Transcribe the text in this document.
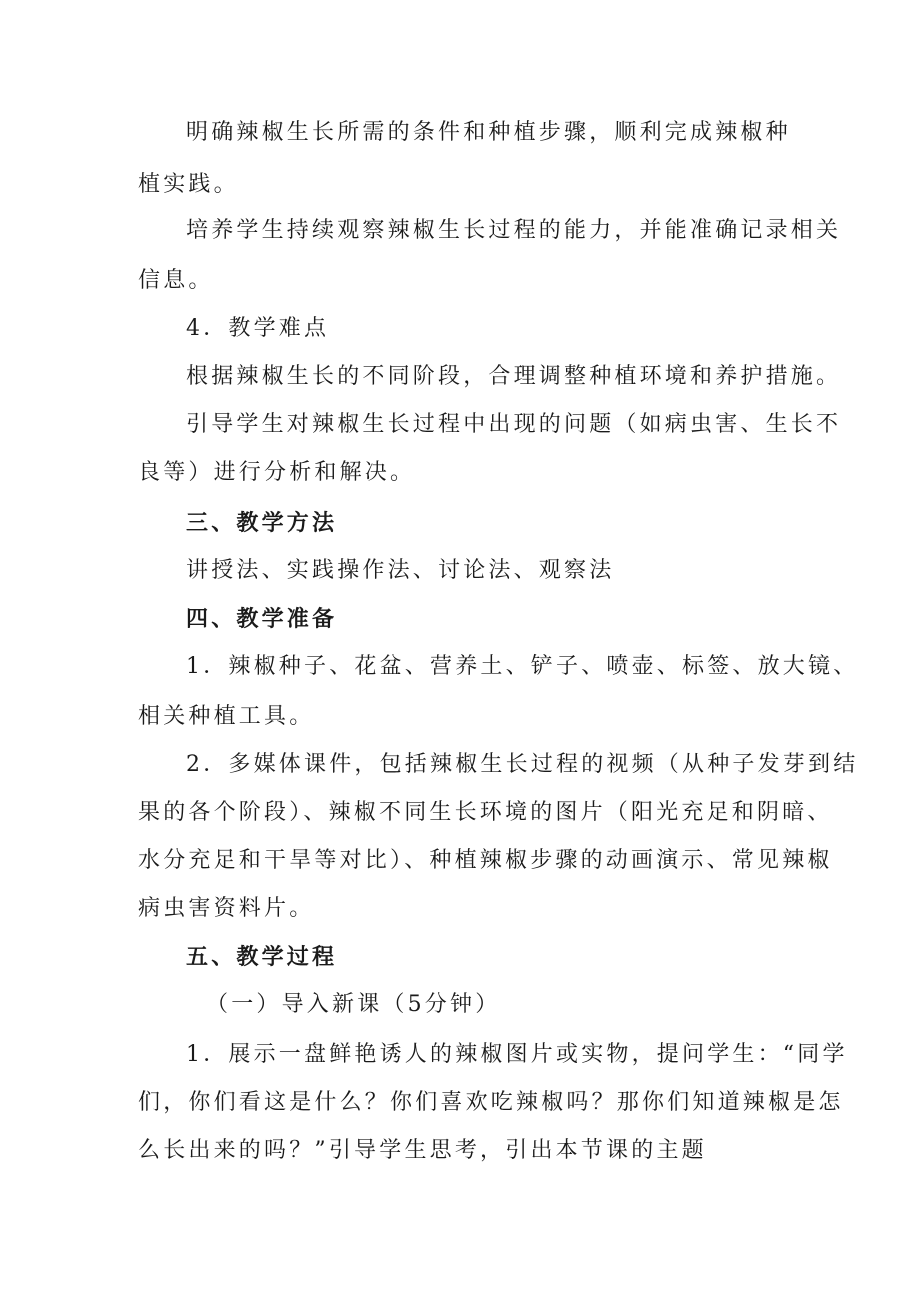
明确辣椒生长所需的条件和种植步骤，顺利完成辣椒种
植实践。
培养学生持续观察辣椒生长过程的能力，并能准确记录相关
信息。
4．教学难点
根据辣椒生长的不同阶段，合理调整种植环境和养护措施。
引导学生对辣椒生长过程中出现的问题（如病虫害、生长不
良等）进行分析和解决。
三、教学方法
讲授法、实践操作法、讨论法、观察法
四、教学准备
1．辣椒种子、花盆、营养土、铲子、喷壶、标签、放大镜、
相关种植工具。
2．多媒体课件，包括辣椒生长过程的视频（从种子发芽到结
果的各个阶段）、辣椒不同生长环境的图片（阳光充足和阴暗、
水分充足和干旱等对比）、种植辣椒步骤的动画演示、常见辣椒
病虫害资料片。
五、教学过程
（一）导入新课（5分钟）
1．展示一盘鲜艳诱人的辣椒图片或实物，提问学生：“同学
们，你们看这是什么？你们喜欢吃辣椒吗？那你们知道辣椒是怎
么长出来的吗？”引导学生思考，引出本节课的主题
